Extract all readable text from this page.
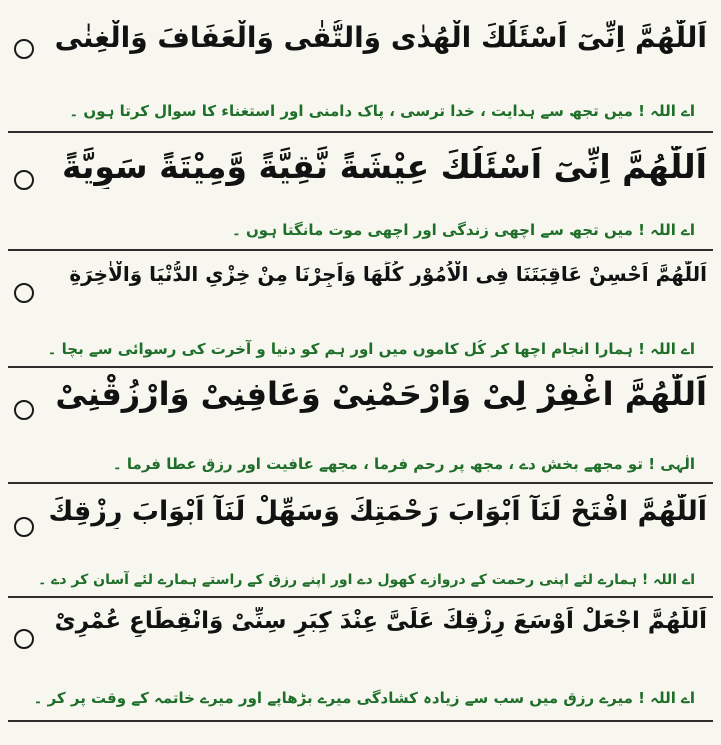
اَللّٰھُمَّ اِنِّیٓ اَسْئَلُكَ الْھُدٰی وَالتُّقٰی وَالْعَفَافَ وَالْغِنٰی
اے اللہ ! میں تجھ سے ہدایت ، خدا ترسی ، پاک دامنی اور استغناء کا سوال کرتا ہوں ۔
اَللّٰھُمَّ اِنِّیٓ اَسْئَلُكَ عِیْشَةً نَّقِیَّةً وَّمِیْتَةً سَوِیَّةً
اے اللہ ! میں تجھ سے اچھی زندگی اور اچھی موت مانگتا ہوں ۔
اَللّٰھُمَّ اَحْسِنْ عَاقِبَتَنَا فِی الْاُمُوْرِ كُلِّھَا وَاَجِرْنَا مِنْ خِزْیِ الدُّنْیَا وَالْاٰخِرَةِ
اے اللہ ! ہمارا انجام اچھا کر کُل کاموں میں اور ہم کو دنیا و آخرت کی رسوائی سے بچا ۔
اَللّٰھُمَّ اغْفِرْ لِیْ وَارْحَمْنِیْ وَعَافِنِیْ وَارْزُقْنِیْ
الٰہی ! تو مجھے بخش دے ، مجھ پر رحم فرما ، مجھے عافیت اور رزق عطا فرما ۔
اَللّٰھُمَّ افْتَحْ لَنَآ اَبْوَابَ رَحْمَتِكَ وَسَھِّلْ لَنَآ اَبْوَابَ رِزْقِكَ
اے اللہ ! ہمارے لئے اپنی رحمت کے دروازے کھول دے اور اپنے رزق کے راستے ہمارے لئے آسان کر دے ۔
اَللّٰھُمَّ اجْعَلْ اَوْسَعَ رِزْقِكَ عَلَیَّ عِنْدَ كِبَرِ سِنِّیْ وَانْقِطَاعِ عُمْرِیْ
اے اللہ ! میرے رزق میں سب سے زیادہ کشادگی میرے بڑھاپے اور میرے خاتمہ کے وقت پر کر ۔
